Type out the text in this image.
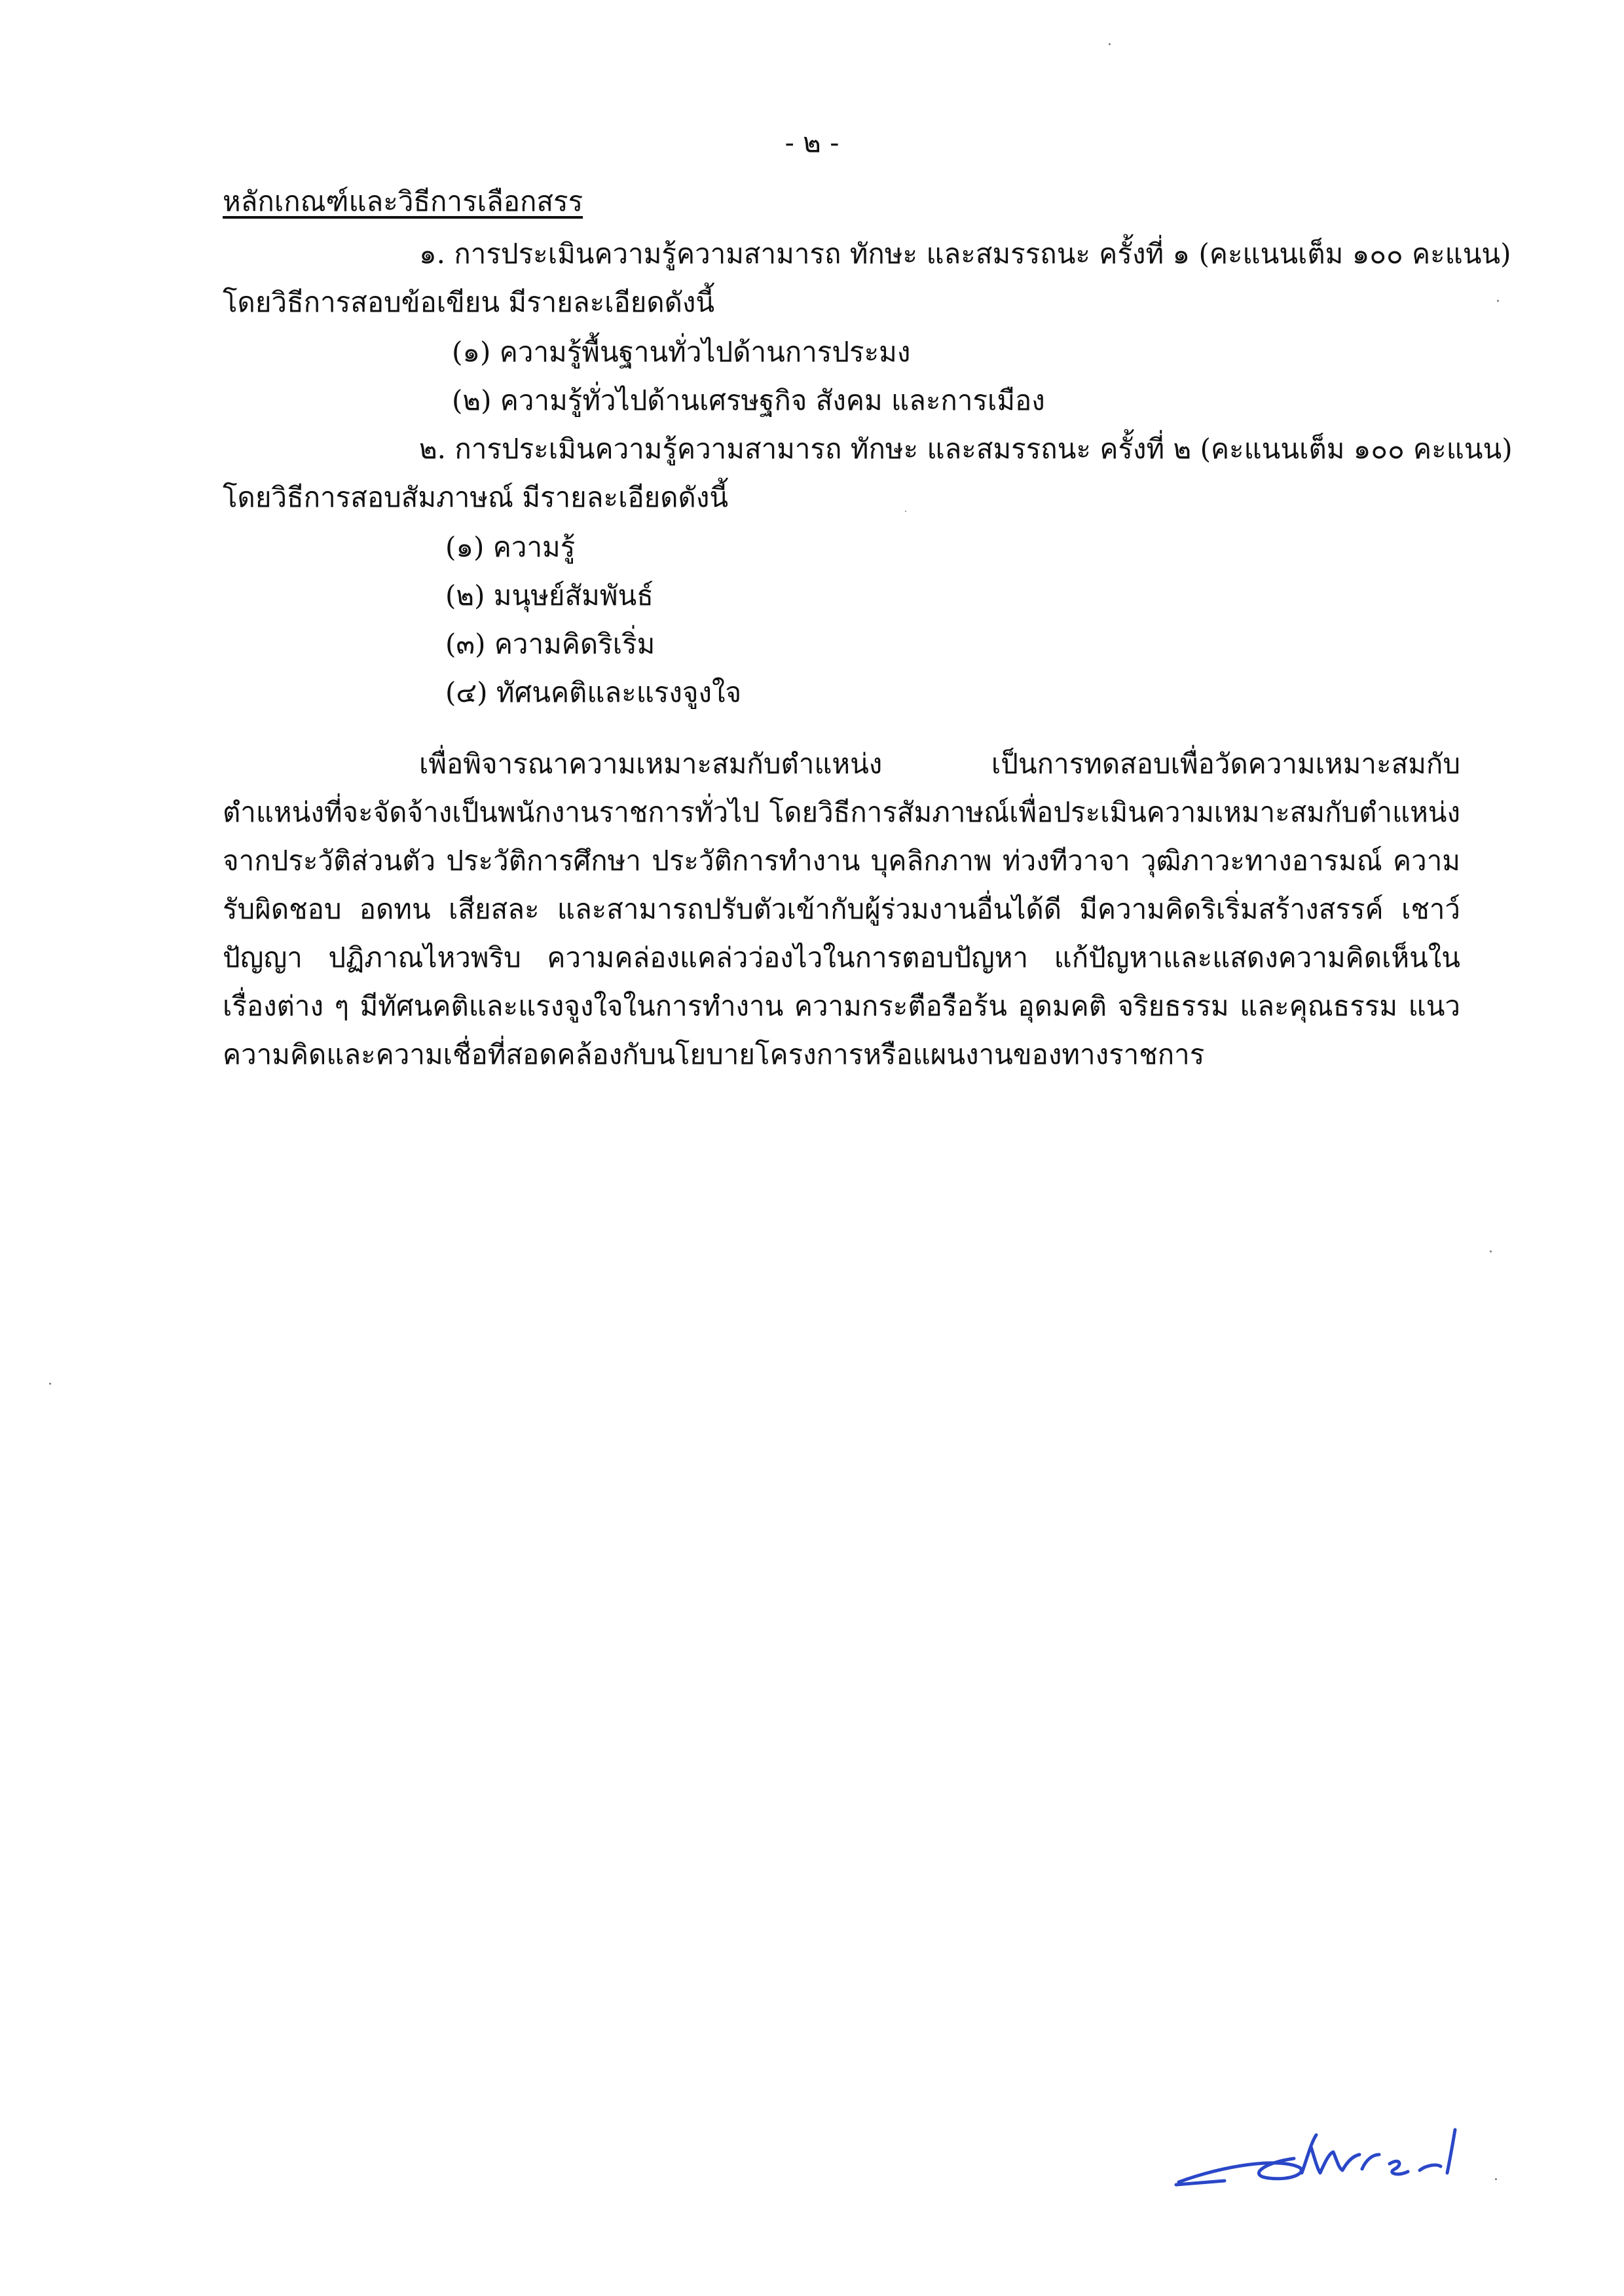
- ๒ -
หลักเกณฑ์และวิธีการเลือกสรร
๑. การประเมินความรู้ความสามารถ ทักษะ และสมรรถนะ ครั้งที่ ๑ (คะแนนเต็ม ๑๐๐ คะแนน)
โดยวิธีการสอบข้อเขียน มีรายละเอียดดังนี้
(๑) ความรู้พื้นฐานทั่วไปด้านการประมง
(๒) ความรู้ทั่วไปด้านเศรษฐกิจ สังคม และการเมือง
๒. การประเมินความรู้ความสามารถ ทักษะ และสมรรถนะ ครั้งที่ ๒ (คะแนนเต็ม ๑๐๐ คะแนน)
โดยวิธีการสอบสัมภาษณ์ มีรายละเอียดดังนี้
(๑) ความรู้
(๒) มนุษย์สัมพันธ์
(๓) ความคิดริเริ่ม
(๔) ทัศนคติและแรงจูงใจ
เพื่อพิจารณาความเหมาะสมกับตำแหน่ง เป็นการทดสอบเพื่อวัดความเหมาะสมกับตำแหน่งที่จะจัดจ้างเป็นพนักงานราชการทั่วไป โดยวิธีการสัมภาษณ์เพื่อประเมินความเหมาะสมกับตำแหน่งจากประวัติส่วนตัว ประวัติการศึกษา ประวัติการทำงาน บุคลิกภาพ ท่วงทีวาจา วุฒิภาวะทางอารมณ์ ความรับผิดชอบ อดทน เสียสละ และสามารถปรับตัวเข้ากับผู้ร่วมงานอื่นได้ดี มีความคิดริเริ่มสร้างสรรค์ เชาว์ปัญญา ปฏิภาณไหวพริบ ความคล่องแคล่วว่องไวในการตอบปัญหา แก้ปัญหาและแสดงความคิดเห็นในเรื่องต่าง ๆ มีทัศนคติและแรงจูงใจในการทำงาน ความกระตือรือร้น อุดมคติ จริยธรรม และคุณธรรม แนวความคิดและความเชื่อที่สอดคล้องกับนโยบายโครงการหรือแผนงานของทางราชการ
